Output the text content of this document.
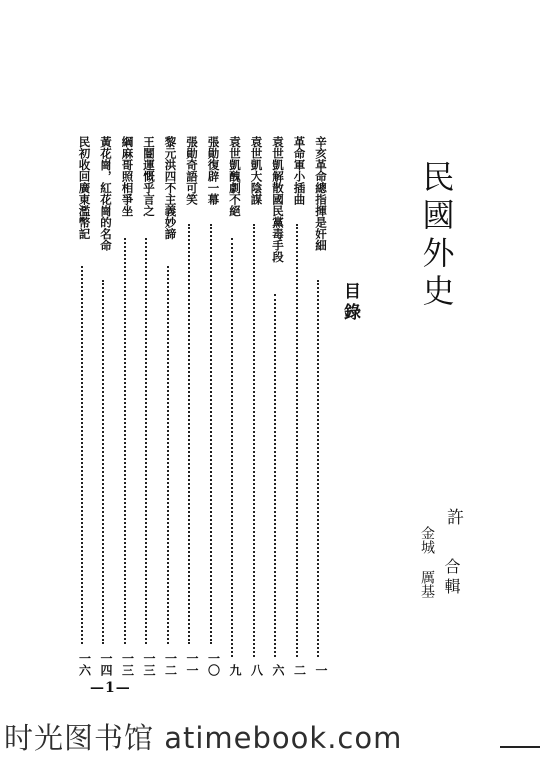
民國外史
目錄
許
金城 厲基 合輯
辛亥革命總指揮是奸細
一
革命軍小插曲
二
袁世凱解散國民黨毒手段
六
袁世凱大陰謀
八
袁世凱醜劇不絕
九
張勛復辟一幕
一〇
張勛奇語可笑
一一
黎元洪四不主義妙諦
一二
王闓運慨乎言之
一三
綱麻哥照相爭坐
一三
黃花崗，紅花崗的名命
一四
民初收回廣東濫幣記
一六
—1—
时光图书馆 atimebook.com
